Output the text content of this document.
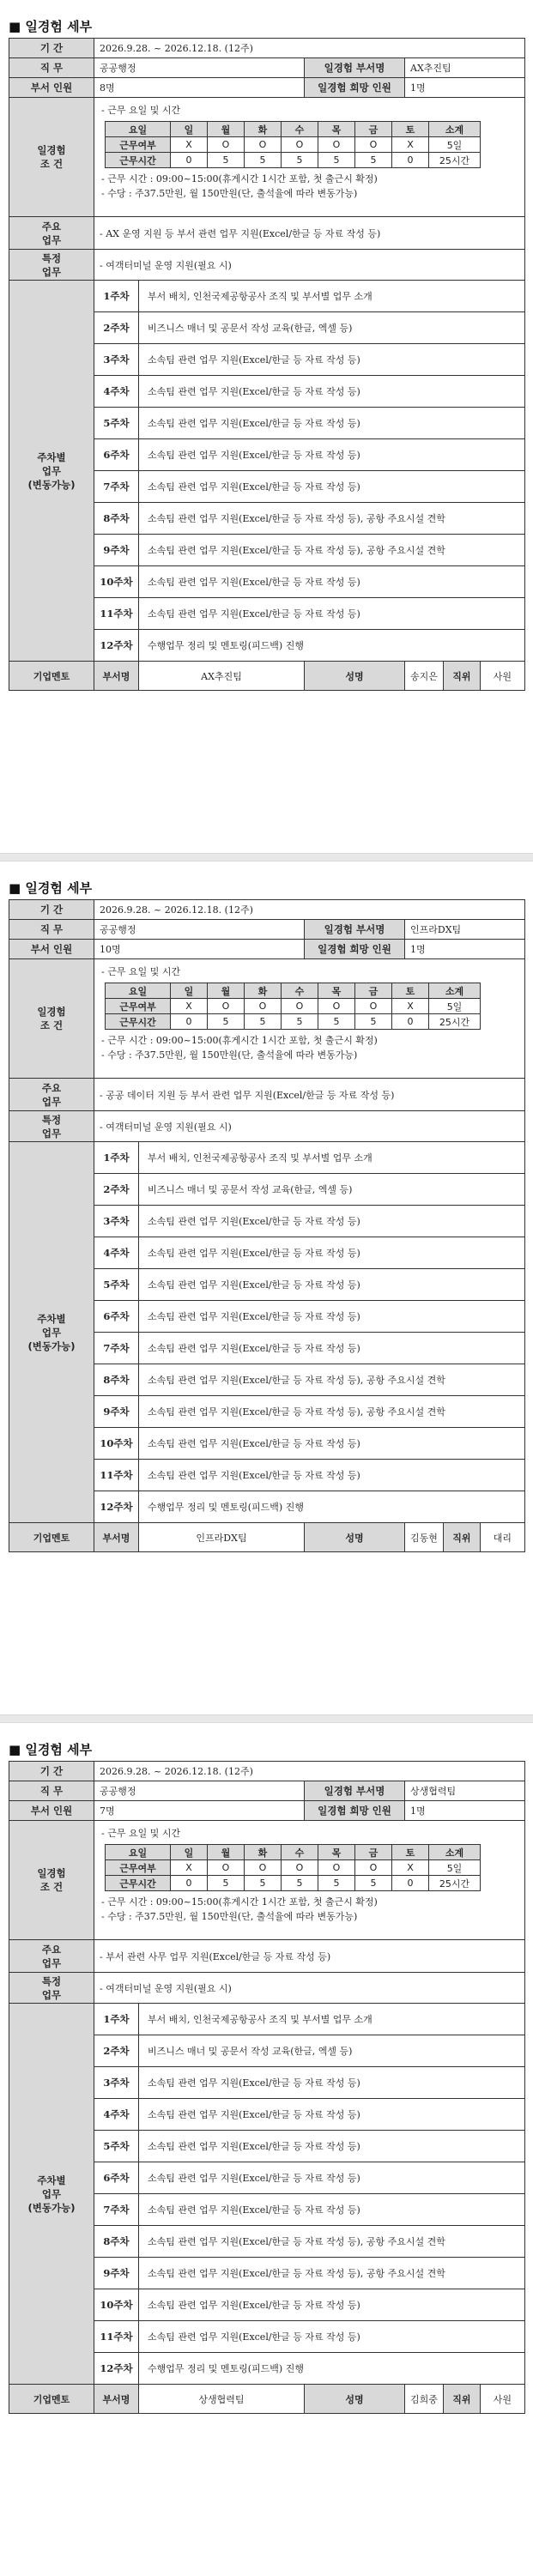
■ 일경험 세부
기 간	2026.9.28. ~ 2026.12.18. (12주)
직 무	공공행정	일경험 부서명	AX추진팀
부서 인원	8명	일경험 희망 인원	1명
일경험
조 건	
- 근무 요일 및 시간
요일	일	월	화	수	목	금	토	소계
근무여부	X	O	O	O	O	O	X	5일
근무시간	0	5	5	5	5	5	0	25시간
- 근무 시간 : 09:00~15:00(휴게시간 1시간 포함, 첫 출근시 확정)
- 수당 : 주37.5만원, 월 150만원(단, 출석율에 따라 변동가능)

주요
업무	- AX 운영 지원 등 부서 관련 업무 지원(Excel/한글 등 자료 작성 등)
특정
업무	- 여객터미널 운영 지원(필요 시)
주차별
업무
(변동가능)	1주차	부서 배치, 인천국제공항공사 조직 및 부서별 업무 소개
2주차	비즈니스 매너 및 공문서 작성 교육(한글, 엑셀 등)
3주차	소속팀 관련 업무 지원(Excel/한글 등 자료 작성 등)
4주차	소속팀 관련 업무 지원(Excel/한글 등 자료 작성 등)
5주차	소속팀 관련 업무 지원(Excel/한글 등 자료 작성 등)
6주차	소속팀 관련 업무 지원(Excel/한글 등 자료 작성 등)
7주차	소속팀 관련 업무 지원(Excel/한글 등 자료 작성 등)
8주차	소속팀 관련 업무 지원(Excel/한글 등 자료 작성 등), 공항 주요시설 견학
9주차	소속팀 관련 업무 지원(Excel/한글 등 자료 작성 등), 공항 주요시설 견학
10주차	소속팀 관련 업무 지원(Excel/한글 등 자료 작성 등)
11주차	소속팀 관련 업무 지원(Excel/한글 등 자료 작성 등)
12주차	수행업무 정리 및 멘토링(피드백) 진행
기업멘토	부서명	AX추진팀	성명	송지은	직위	사원
■ 일경험 세부
기 간	2026.9.28. ~ 2026.12.18. (12주)
직 무	공공행정	일경험 부서명	인프라DX팀
부서 인원	10명	일경험 희망 인원	1명
일경험
조 건	
- 근무 요일 및 시간
요일	일	월	화	수	목	금	토	소계
근무여부	X	O	O	O	O	O	X	5일
근무시간	0	5	5	5	5	5	0	25시간
- 근무 시간 : 09:00~15:00(휴게시간 1시간 포함, 첫 출근시 확정)
- 수당 : 주37.5만원, 월 150만원(단, 출석율에 따라 변동가능)

주요
업무	- 공공 데이터 지원 등 부서 관련 업무 지원(Excel/한글 등 자료 작성 등)
특정
업무	- 여객터미널 운영 지원(필요 시)
주차별
업무
(변동가능)	1주차	부서 배치, 인천국제공항공사 조직 및 부서별 업무 소개
2주차	비즈니스 매너 및 공문서 작성 교육(한글, 엑셀 등)
3주차	소속팀 관련 업무 지원(Excel/한글 등 자료 작성 등)
4주차	소속팀 관련 업무 지원(Excel/한글 등 자료 작성 등)
5주차	소속팀 관련 업무 지원(Excel/한글 등 자료 작성 등)
6주차	소속팀 관련 업무 지원(Excel/한글 등 자료 작성 등)
7주차	소속팀 관련 업무 지원(Excel/한글 등 자료 작성 등)
8주차	소속팀 관련 업무 지원(Excel/한글 등 자료 작성 등), 공항 주요시설 견학
9주차	소속팀 관련 업무 지원(Excel/한글 등 자료 작성 등), 공항 주요시설 견학
10주차	소속팀 관련 업무 지원(Excel/한글 등 자료 작성 등)
11주차	소속팀 관련 업무 지원(Excel/한글 등 자료 작성 등)
12주차	수행업무 정리 및 멘토링(피드백) 진행
기업멘토	부서명	인프라DX팀	성명	김동현	직위	대리
■ 일경험 세부
기 간	2026.9.28. ~ 2026.12.18. (12주)
직 무	공공행정	일경험 부서명	상생협력팀
부서 인원	7명	일경험 희망 인원	1명
일경험
조 건	
- 근무 요일 및 시간
요일	일	월	화	수	목	금	토	소계
근무여부	X	O	O	O	O	O	X	5일
근무시간	0	5	5	5	5	5	0	25시간
- 근무 시간 : 09:00~15:00(휴게시간 1시간 포함, 첫 출근시 확정)
- 수당 : 주37.5만원, 월 150만원(단, 출석율에 따라 변동가능)

주요
업무	- 부서 관련 사무 업무 지원(Excel/한글 등 자료 작성 등)
특정
업무	- 여객터미널 운영 지원(필요 시)
주차별
업무
(변동가능)	1주차	부서 배치, 인천국제공항공사 조직 및 부서별 업무 소개
2주차	비즈니스 매너 및 공문서 작성 교육(한글, 엑셀 등)
3주차	소속팀 관련 업무 지원(Excel/한글 등 자료 작성 등)
4주차	소속팀 관련 업무 지원(Excel/한글 등 자료 작성 등)
5주차	소속팀 관련 업무 지원(Excel/한글 등 자료 작성 등)
6주차	소속팀 관련 업무 지원(Excel/한글 등 자료 작성 등)
7주차	소속팀 관련 업무 지원(Excel/한글 등 자료 작성 등)
8주차	소속팀 관련 업무 지원(Excel/한글 등 자료 작성 등), 공항 주요시설 견학
9주차	소속팀 관련 업무 지원(Excel/한글 등 자료 작성 등), 공항 주요시설 견학
10주차	소속팀 관련 업무 지원(Excel/한글 등 자료 작성 등)
11주차	소속팀 관련 업무 지원(Excel/한글 등 자료 작성 등)
12주차	수행업무 정리 및 멘토링(피드백) 진행
기업멘토	부서명	상생협력팀	성명	김희중	직위	사원
